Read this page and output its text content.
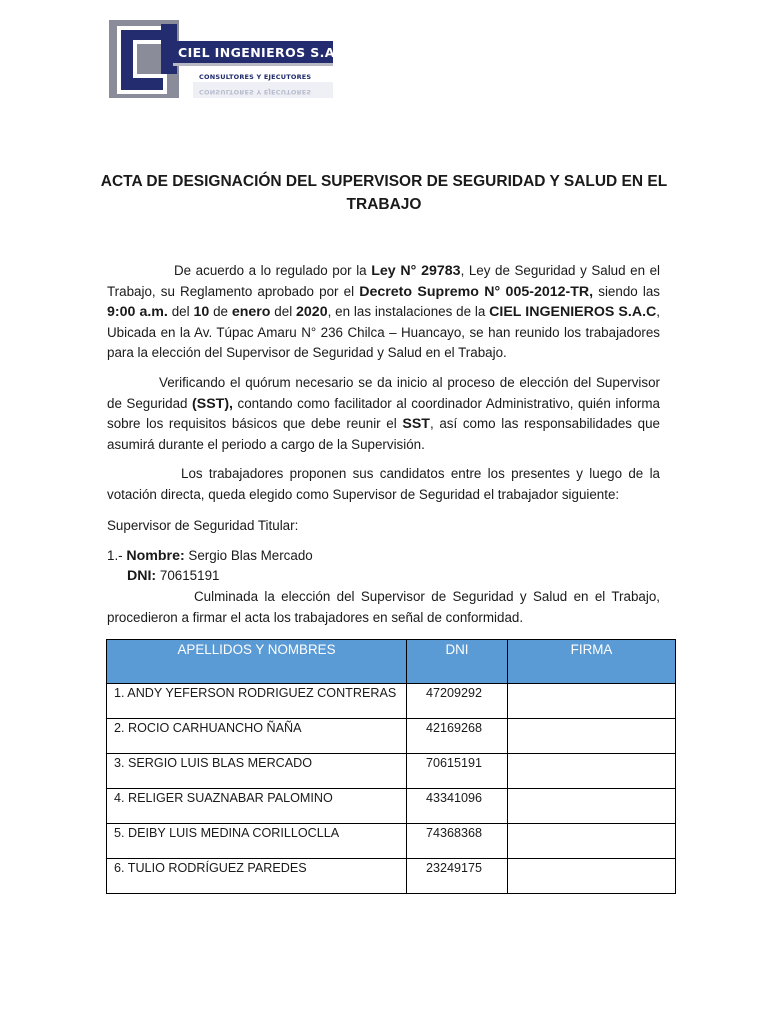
CIEL INGENIEROS S.A.C
CONSULTORES Y EJECUTORES
CONSULTORES Y EJECUTORES
ACTA DE DESIGNACIÓN DEL SUPERVISOR DE SEGURIDAD Y SALUD EN EL
TRABAJO
De acuerdo a lo regulado por la Ley N° 29783, Ley de Seguridad y Salud en el Trabajo, su Reglamento aprobado por el Decreto Supremo N° 005-2012-TR, siendo las 9:00 a.m. del 10 de enero del 2020, en las instalaciones de la CIEL INGENIEROS S.A.C, Ubicada en la Av. Túpac Amaru N° 236 Chilca – Huancayo, se han reunido los trabajadores para la elección del Supervisor de Seguridad y Salud en el Trabajo.
Verificando el quórum necesario se da inicio al proceso de elección del Supervisor de Seguridad (SST), contando como facilitador al coordinador Administrativo, quién informa sobre los requisitos básicos que debe reunir el SST, así como las responsabilidades que asumirá durante el periodo a cargo de la Supervisión.
Los trabajadores proponen sus candidatos entre los presentes y luego de la votación directa, queda elegido como Supervisor de Seguridad el trabajador siguiente:
Supervisor de Seguridad Titular:
1.- Nombre: Sergio Blas Mercado
DNI: 70615191
Culminada la elección del Supervisor de Seguridad y Salud en el Trabajo, procedieron a firmar el acta los trabajadores en señal de conformidad.
APELLIDOS Y NOMBRES	DNI	FIRMA
1. ANDY YEFERSON RODRIGUEZ CONTRERAS	47209292	
2. ROCIO CARHUANCHO ÑAÑA	42169268	
3. SERGIO LUIS BLAS MERCADO	70615191	
4. RELIGER SUAZNABAR PALOMINO	43341096	
5. DEIBY LUIS MEDINA CORILLOCLLA	74368368	
6. TULIO RODRÍGUEZ PAREDES	23249175	
